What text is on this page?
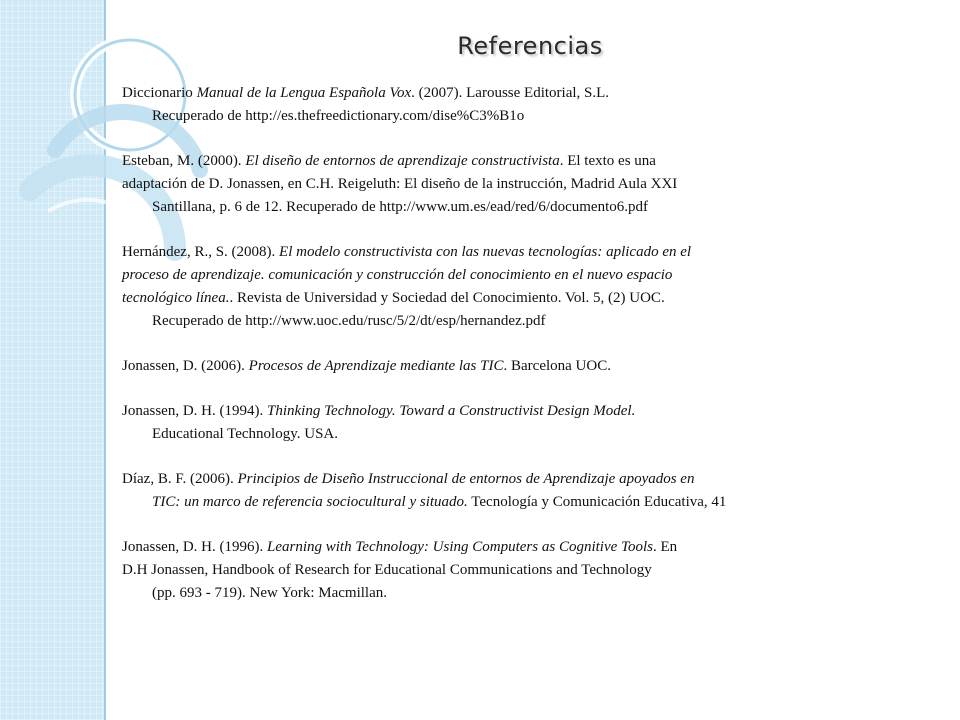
Referencias
Diccionario Manual de la Lengua Española Vox. (2007). Larousse Editorial, S.L.
Recuperado de http://es.thefreedictionary.com/dise%C3%B1o
Esteban, M. (2000). El diseño de entornos de aprendizaje constructivista. El texto es una
adaptación de D. Jonassen, en C.H. Reigeluth: El diseño de la instrucción, Madrid Aula XXI
Santillana, p. 6 de 12. Recuperado de http://www.um.es/ead/red/6/documento6.pdf
Hernández, R., S. (2008). El modelo constructivista con las nuevas tecnologías: aplicado en el
proceso de aprendizaje. comunicación y construcción del conocimiento en el nuevo espacio
tecnológico línea.. Revista de Universidad y Sociedad del Conocimiento. Vol. 5, (2) UOC.
Recuperado de http://www.uoc.edu/rusc/5/2/dt/esp/hernandez.pdf
Jonassen, D. (2006). Procesos de Aprendizaje mediante las TIC. Barcelona UOC.
Jonassen, D. H. (1994). Thinking Technology. Toward a Constructivist Design Model.
Educational Technology. USA.
Díaz, B. F. (2006). Principios de Diseño Instruccional de entornos de Aprendizaje apoyados en
TIC: un marco de referencia sociocultural y situado. Tecnología y Comunicación Educativa, 41
Jonassen, D. H. (1996). Learning with Technology: Using Computers as Cognitive Tools. En
D.H Jonassen, Handbook of Research for Educational Communications and Technology
(pp. 693 - 719). New York: Macmillan.
